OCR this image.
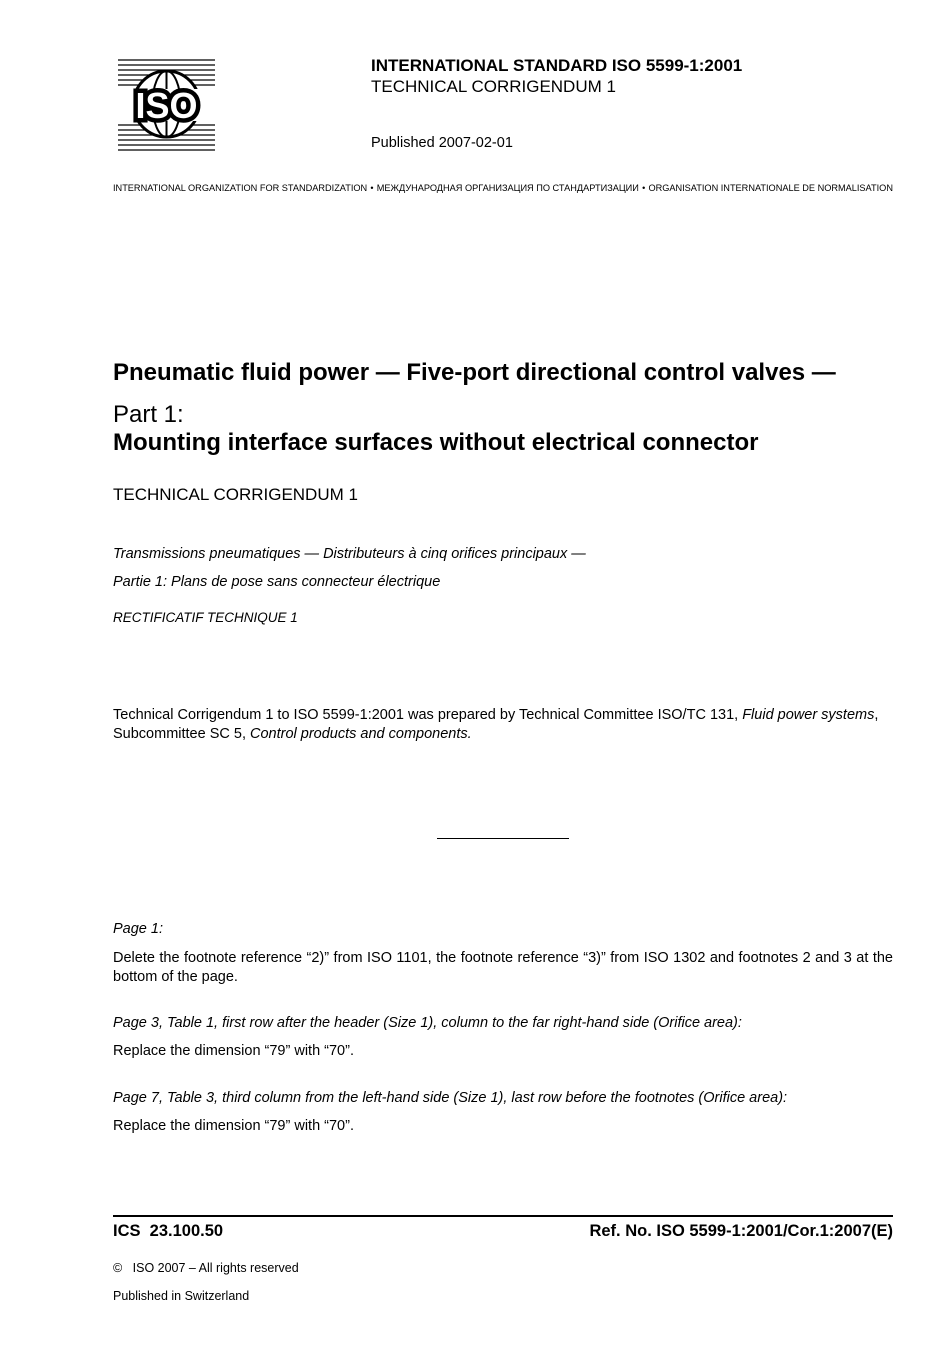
ISO
INTERNATIONAL STANDARD ISO 5599-1:2001
TECHNICAL CORRIGENDUM 1
Published 2007-02-01
INTERNATIONAL ORGANIZATION FOR STANDARDIZATION • МЕЖДУНАРОДНАЯ ОРГАНИЗАЦИЯ ПО СТАНДАРТИЗАЦИИ • ORGANISATION INTERNATIONALE DE NORMALISATION
Pneumatic fluid power — Five-port directional control valves —
Part 1:
Mounting interface surfaces without electrical connector
TECHNICAL CORRIGENDUM 1
Transmissions pneumatiques — Distributeurs à cinq orifices principaux —
Partie 1: Plans de pose sans connecteur électrique
RECTIFICATIF TECHNIQUE 1
Technical Corrigendum 1 to ISO 5599-1:2001 was prepared by Technical Committee ISO/TC 131, Fluid power systems, Subcommittee SC 5, Control products and components.
Page 1:
Delete the footnote reference “2)” from ISO 1101, the footnote reference “3)” from ISO 1302 and footnotes 2 and 3 at the bottom of the page.
Page 3, Table 1, first row after the header (Size 1), column to the far right-hand side (Orifice area):
Replace the dimension “79” with “70”.
Page 7, Table 3, third column from the left-hand side (Size 1), last row before the footnotes (Orifice area):
Replace the dimension “79” with “70”.
ICS  23.100.50	Ref. No. ISO 5599-1:2001/Cor.1:2007(E)
©   ISO 2007 – All rights reserved
Published in Switzerland
